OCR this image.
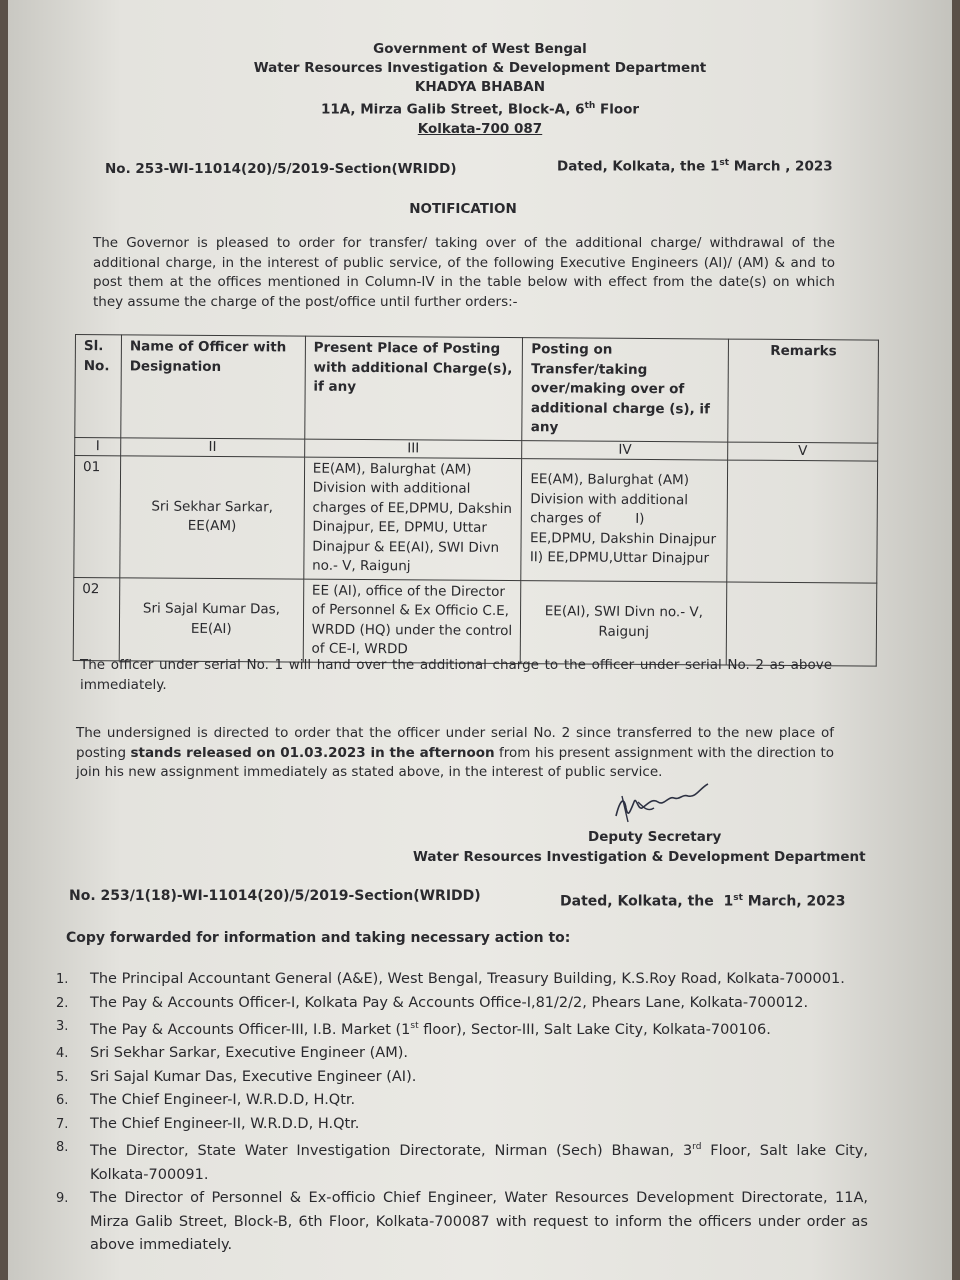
Government of West Bengal
Water Resources Investigation & Development Department
KHADYA BHABAN
11A, Mirza Galib Street, Block-A, 6th Floor
Kolkata-700 087
No. 253-WI-11014(20)/5/2019-Section(WRIDD)	Dated, Kolkata, the 1st March , 2023
NOTIFICATION
The Governor is pleased to order for transfer/ taking over of the additional charge/ withdrawal of the additional charge, in the interest of public service, of the following Executive Engineers (AI)/ (AM) & and to post them at the offices mentioned in Column-IV in the table below with effect from the date(s) on which they assume the charge of the post/office until further orders:-
Sl. No.	Name of Officer with Designation	Present Place of Posting with additional Charge(s), if any	Posting on Transfer/taking over/making over of additional charge (s), if any	Remarks
I	II	III	IV	V
01	Sri Sekhar Sarkar, EE(AM)	EE(AM), Balurghat (AM) Division with additional charges of EE,DPMU, Dakshin Dinajpur, EE, DPMU, Uttar Dinajpur & EE(AI), SWI Divn no.- V, Raigunj	EE(AM), Balurghat (AM) Division with additional charges of        I)
EE,DPMU, Dakshin Dinajpur
II) EE,DPMU,Uttar Dinajpur	

02	Sri Sajal Kumar Das, EE(AI)	EE (AI), office of the Director of Personnel & Ex Officio C.E, WRDD (HQ) under the control of CE-I, WRDD	EE(AI), SWI Divn no.- V, Raigunj	
The officer under serial No. 1 will hand over the additional charge to the officer under serial No. 2 as above immediately.
The undersigned is directed to order that the officer under serial No. 2 since transferred to the new place of posting stands released on 01.03.2023 in the afternoon from his present assignment with the direction to join his new assignment immediately as stated above, in the interest of public service.
Deputy Secretary
Water Resources Investigation & Development Department
No. 253/1(18)-WI-11014(20)/5/2019-Section(WRIDD)	Dated, Kolkata, the  1st March, 2023
Copy forwarded for information and taking necessary action to:
1. The Principal Accountant General (A&E), West Bengal, Treasury Building, K.S.Roy Road, Kolkata-700001.
2. The Pay & Accounts Officer-I, Kolkata Pay & Accounts Office-I,81/2/2, Phears Lane, Kolkata-700012.
3. The Pay & Accounts Officer-III, I.B. Market (1st floor), Sector-III, Salt Lake City, Kolkata-700106.
4. Sri Sekhar Sarkar, Executive Engineer (AM).
5. Sri Sajal Kumar Das, Executive Engineer (AI).
6. The Chief Engineer-I, W.R.D.D, H.Qtr.
7. The Chief Engineer-II, W.R.D.D, H.Qtr.
8. The Director, State Water Investigation Directorate, Nirman (Sech) Bhawan, 3rd Floor, Salt lake City, Kolkata-700091.
9. The Director of Personnel & Ex-officio Chief Engineer, Water Resources Development Directorate, 11A, Mirza Galib Street, Block-B, 6th Floor, Kolkata-700087 with request to inform the officers under order as above immediately.
